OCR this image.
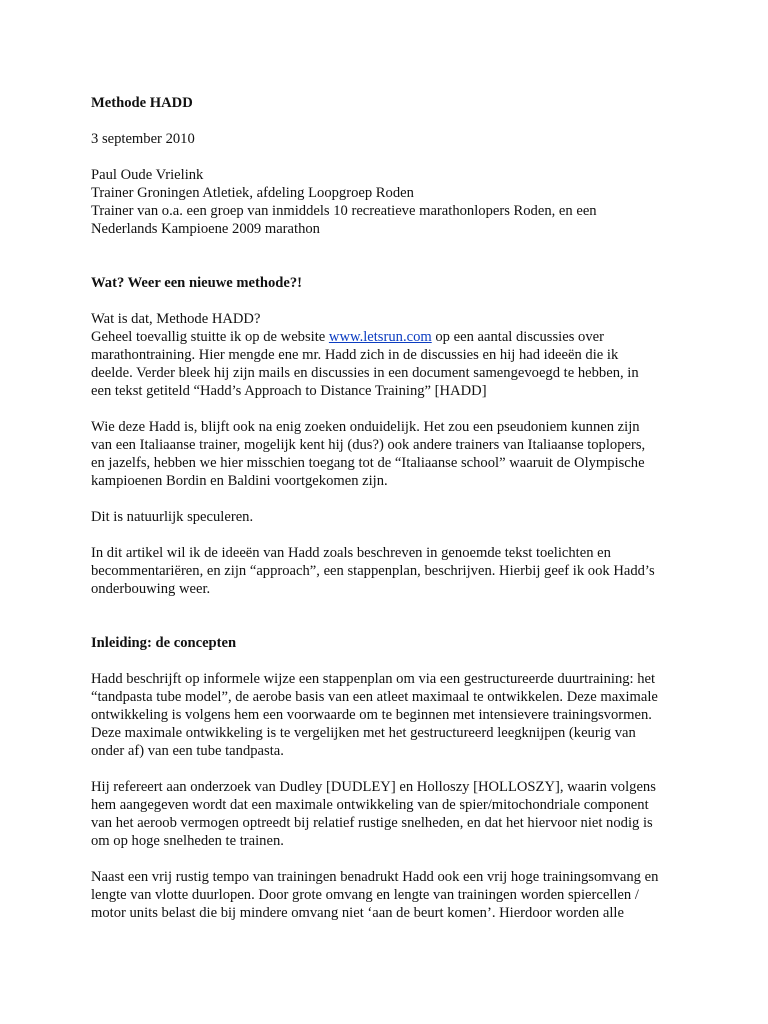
Methode HADD
3 september 2010
Paul Oude Vrielink
Trainer Groningen Atletiek, afdeling Loopgroep Roden
Trainer van o.a. een groep van inmiddels 10 recreatieve marathonlopers Roden, en een
Nederlands Kampioene 2009 marathon
Wat? Weer een nieuwe methode?!
Wat is dat, Methode HADD?
Geheel toevallig stuitte ik op de website www.letsrun.com op een aantal discussies over
marathontraining. Hier mengde ene mr. Hadd zich in de discussies en hij had ideeën die ik
deelde. Verder bleek hij zijn mails en discussies in een document samengevoegd te hebben, in
een tekst getiteld “Hadd’s Approach to Distance Training” [HADD]
Wie deze Hadd is, blijft ook na enig zoeken onduidelijk. Het zou een pseudoniem kunnen zijn
van een Italiaanse trainer, mogelijk kent hij (dus?) ook andere trainers van Italiaanse toplopers,
en jazelfs, hebben we hier misschien toegang tot de “Italiaanse school” waaruit de Olympische
kampioenen Bordin en Baldini voortgekomen zijn.
Dit is natuurlijk speculeren.
In dit artikel wil ik de ideeën van Hadd zoals beschreven in genoemde tekst toelichten en
becommentariëren, en zijn “approach”, een stappenplan, beschrijven. Hierbij geef ik ook Hadd’s
onderbouwing weer.
Inleiding: de concepten
Hadd beschrijft op informele wijze een stappenplan om via een gestructureerde duurtraining: het
“tandpasta tube model”, de aerobe basis van een atleet maximaal te ontwikkelen. Deze maximale
ontwikkeling is volgens hem een voorwaarde om te beginnen met intensievere trainingsvormen.
Deze maximale ontwikkeling is te vergelijken met het gestructureerd leegknijpen (keurig van
onder af) van een tube tandpasta.
Hij refereert aan onderzoek van Dudley [DUDLEY] en Holloszy [HOLLOSZY], waarin volgens
hem aangegeven wordt dat een maximale ontwikkeling van de spier/mitochondriale component
van het aeroob vermogen optreedt bij relatief rustige snelheden, en dat het hiervoor niet nodig is
om op hoge snelheden te trainen.
Naast een vrij rustig tempo van trainingen benadrukt Hadd ook een vrij hoge trainingsomvang en
lengte van vlotte duurlopen. Door grote omvang en lengte van trainingen worden spiercellen /
motor units belast die bij mindere omvang niet ‘aan de beurt komen’. Hierdoor worden alle
